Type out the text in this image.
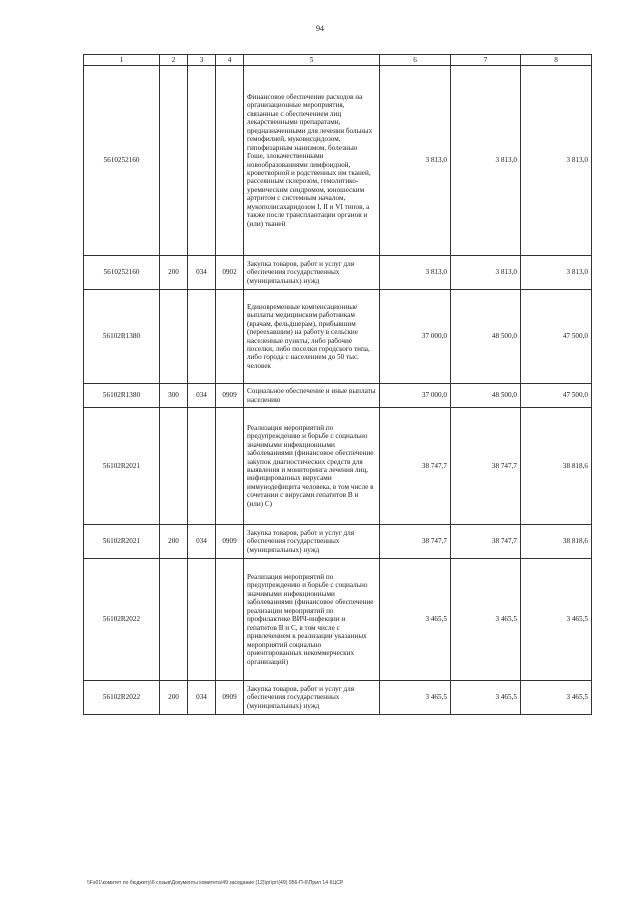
94
1	2	3	4	5	6	7	8
5610252160				Финансовое обеспечение расходов на организационные мероприятия, связанные с обеспечением лиц лекарственными препаратами, предназначенными для лечения больных гемофилией, муковисцидозом, гипофизарным нанизмом, болезнью Гоше, злокачественными новообразованиями лимфоидной, кроветворной и родственных им тканей, рассеянным склерозом, гемолитико-уремическим синдромом, юношеским артритом с системным началом, мукополисахаридозом I, II и VI типов, а также после трансплантации органов и (или) тканей	3 813,0	3 813,0	3 813,0
5610252160	200	034	0902	Закупка товаров, работ и услуг для обеспечения государственных (муниципальных) нужд	3 813,0	3 813,0	3 813,0
56102R1380				Единовременные компенсационные выплаты медицинским работникам (врачам, фельдшерам), прибывшим (переехавшим) на работу в сельские населенные пункты, либо рабочие поселки, либо поселки городского типа, либо города с населением до 50 тыс. человек	37 000,0	48 500,0	47 500,0
56102R1380	300	034	0909	Социальное обеспечение и иные выплаты населению	37 000,0	48 500,0	47 500,0
56102R2021				Реализация мероприятий по предупреждению и борьбе с социально значимыми инфекционными заболеваниями (финансовое обеспечение закупок диагностических средств для выявления и мониторинга лечения лиц, инфицированных вирусами иммунодефицита человека, в том числе в сочетании с вирусами гепатитов В и (или) С)	38 747,7	38 747,7	38 818,6
56102R2021	200	034	0909	Закупка товаров, работ и услуг для обеспечения государственных (муниципальных) нужд	38 747,7	38 747,7	38 818,6
56102R2022				Реализация мероприятий по предупреждению и борьбе с социально значимыми инфекционными заболеваниями (финансовое обеспечение реализации мероприятий по профилактике ВИЧ-инфекции и гепатитов В и С, в том числе с привлечением к реализации указанных мероприятий социально ориентированных некоммерческих организаций)	3 465,5	3 465,5	3 465,5
56102R2022	200	034	0909	Закупка товаров, работ и услуг для обеспечения государственных (муниципальных) нужд	3 465,5	3 465,5	3 465,5
\\Fs01\комитет по бюджету\6 созыв\Документы комитета\49 заседание (12)\рг\рг\(49) 956-П-6\Прил 14 КЦСР
